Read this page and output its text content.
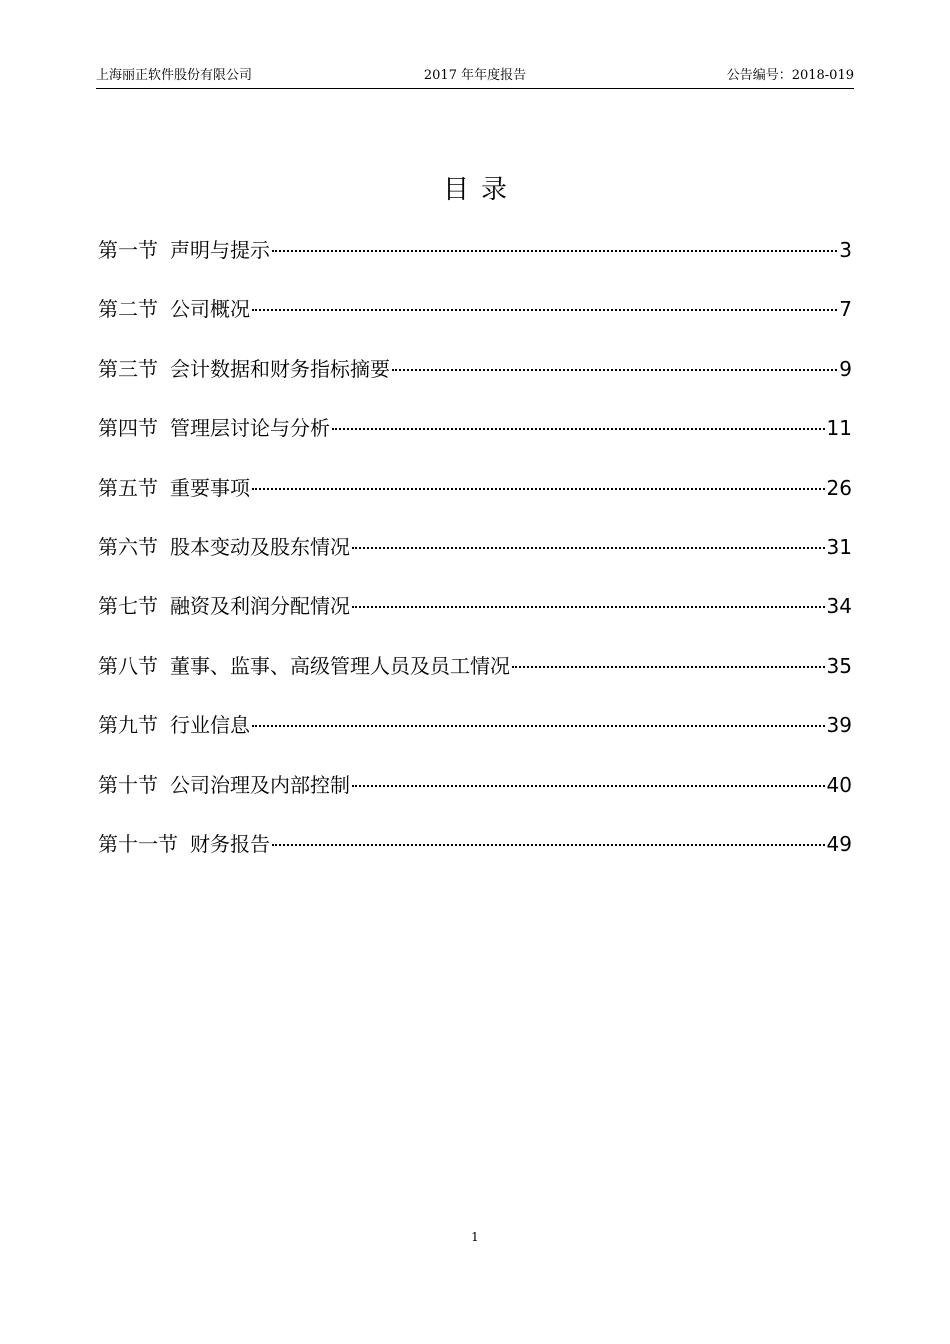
上海丽正软件股份有限公司	2017 年年度报告	公告编号：2018-019
目录
第一节 声明与提示	3
第二节 公司概况	7
第三节 会计数据和财务指标摘要	9
第四节 管理层讨论与分析	11
第五节 重要事项	26
第六节 股本变动及股东情况	31
第七节 融资及利润分配情况	34
第八节 董事、监事、高级管理人员及员工情况	35
第九节 行业信息	39
第十节 公司治理及内部控制	40
第十一节 财务报告	49
1
